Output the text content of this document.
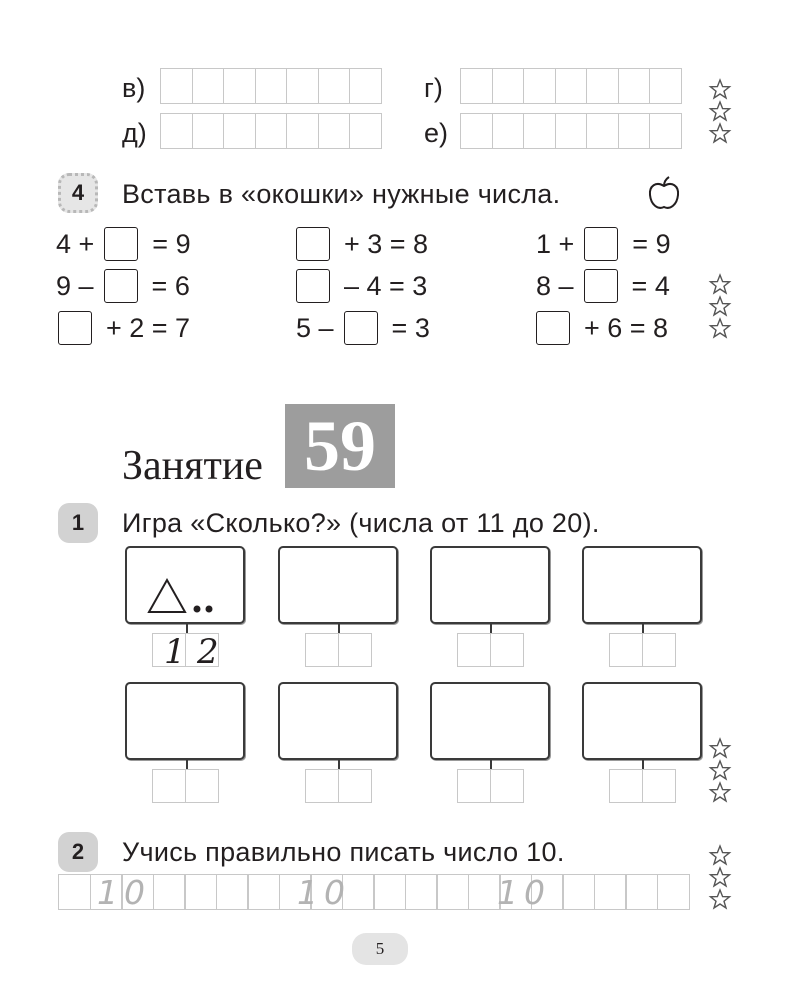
в)	г)
д)	е)
4	Вставь в «окошки» нужные числа.
4 + = 9	+ 3 = 8	1 + = 9
9 – = 6	– 4 = 3	8 – = 4
+ 2 = 7	5 – = 3	+ 6 = 8
Занятие 59
1	Игра «Сколько?» (числа от 11 до 20).
1 2
2	Учись правильно писать число 10.
10	10	10
5
